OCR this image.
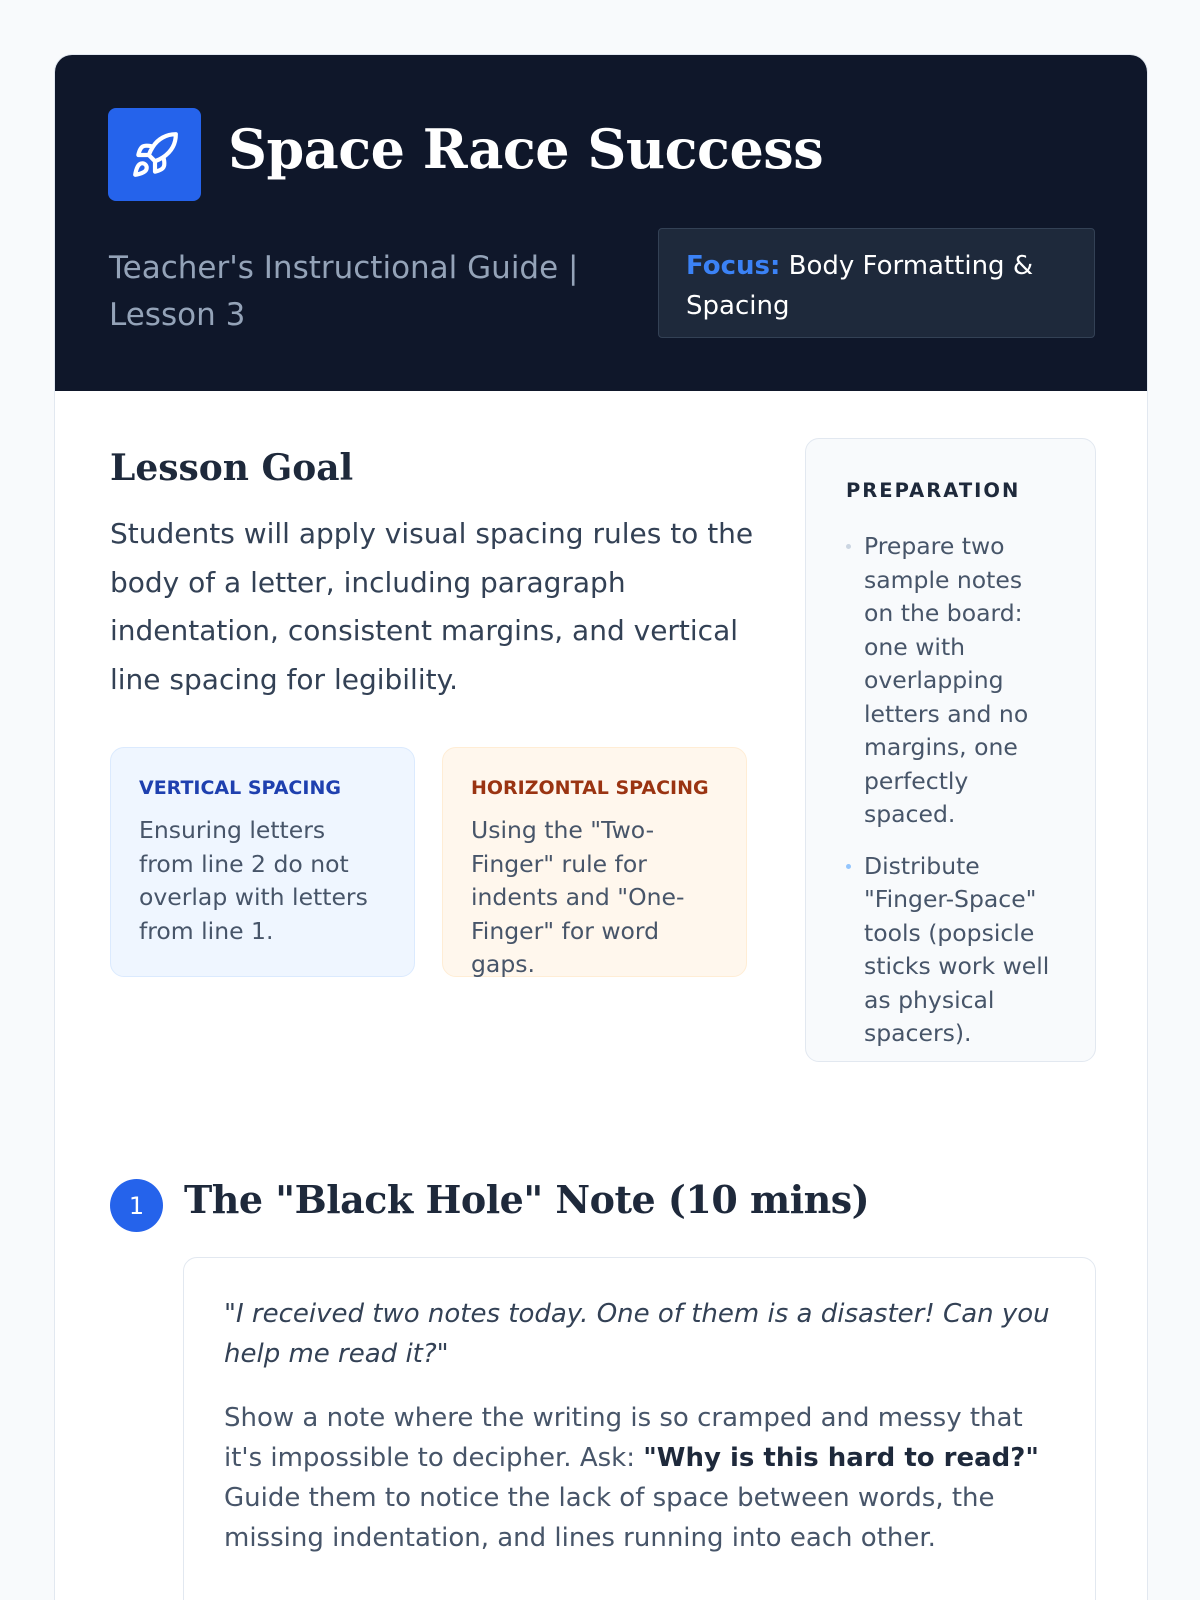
Space Race Success
Teacher's Instructional Guide | Lesson 3
Focus: Body Formatting & Spacing
Lesson Goal

Students will apply visual spacing rules to the body of a letter, including paragraph indentation, consistent margins, and vertical line spacing for legibility.

VERTICAL SPACING
Ensuring letters from line 2 do not overlap with letters from line 1.
HORIZONTAL SPACING
Using the "Two-Finger" rule for indents and "One-Finger" for word gaps.
PREPARATION
Prepare two sample notes on the board: one with overlapping letters and no margins, one perfectly spaced.
Distribute "Finger-Space" tools (popsicle sticks work well as physical spacers).
1	The "Black Hole" Note (10 mins)

"I received two notes today. One of them is a disaster! Can you help me read it?"

Show a note where the writing is so cramped and messy that it's impossible to decipher. Ask: "Why is this hard to read?" Guide them to notice the lack of space between words, the missing indentation, and lines running into each other.
